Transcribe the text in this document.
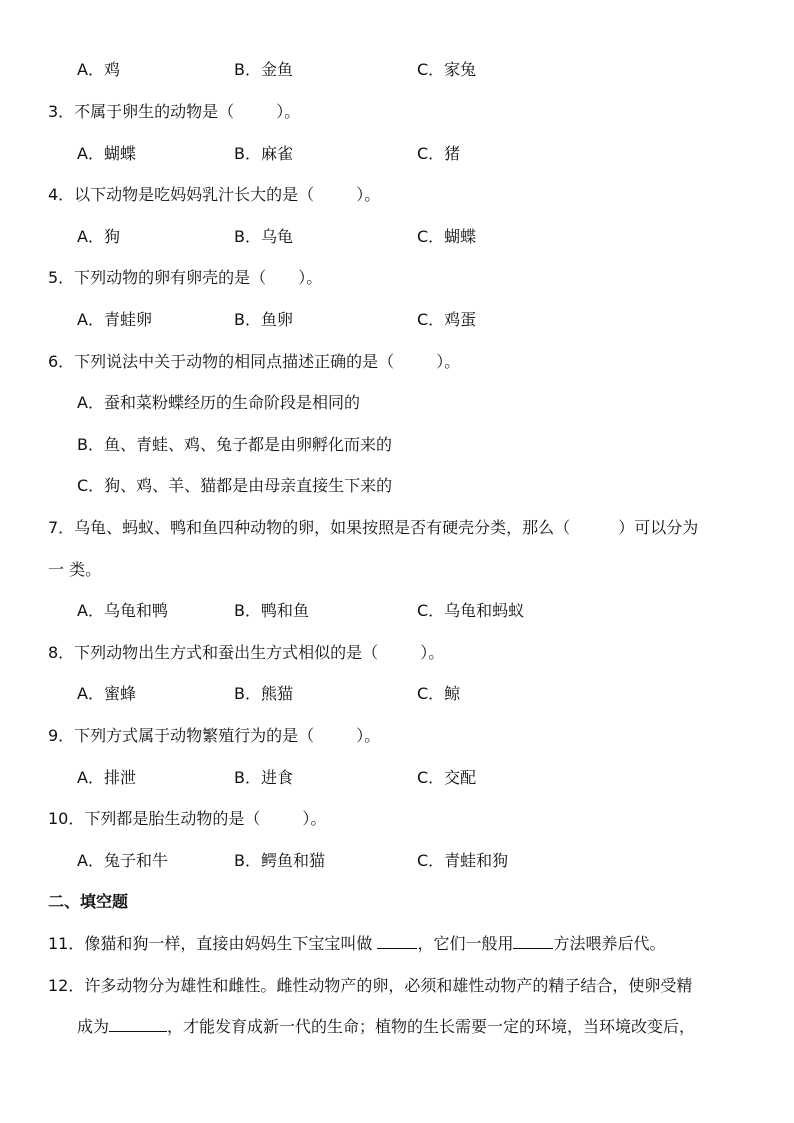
A．鸡	B．金鱼	C．家兔
3．不属于卵生的动物是（	）。
A．蝴蝶	B．麻雀	C．猪
4．以下动物是吃妈妈乳汁长大的是（	）。
A．狗	B．乌龟	C．蝴蝶
5．下列动物的卵有卵壳的是（ ）。
A．青蛙卵	B．鱼卵	C．鸡蛋
6．下列说法中关于动物的相同点描述正确的是（	）。
A．蚕和菜粉蝶经历的生命阶段是相同的
B．鱼、青蛙、鸡、兔子都是由卵孵化而来的
C．狗、鸡、羊、猫都是由母亲直接生下来的
7．乌龟、蚂蚁、鸭和鱼四种动物的卵，如果按照是否有硬壳分类，那么（	）可以分为
一 类。
A．乌龟和鸭	B．鸭和鱼	C．乌龟和蚂蚁
8．下列动物出生方式和蚕出生方式相似的是（	）。
A．蜜蜂	B．熊猫	C．鲸
9．下列方式属于动物繁殖行为的是（	）。
A．排泄	B．进食	C．交配
10．下列都是胎生动物的是（	）。
A．兔子和牛	B．鳄鱼和猫	C．青蛙和狗
二、填空题
11．像猫和狗一样，直接由妈妈生下宝宝叫做	，它们一般用	方法喂养后代。
12．许多动物分为雄性和雌性。雌性动物产的卵，必须和雄性动物产的精子结合，使卵受精
成为	，才能发育成新一代的生命；植物的生长需要一定的环境，当环境改变后，
